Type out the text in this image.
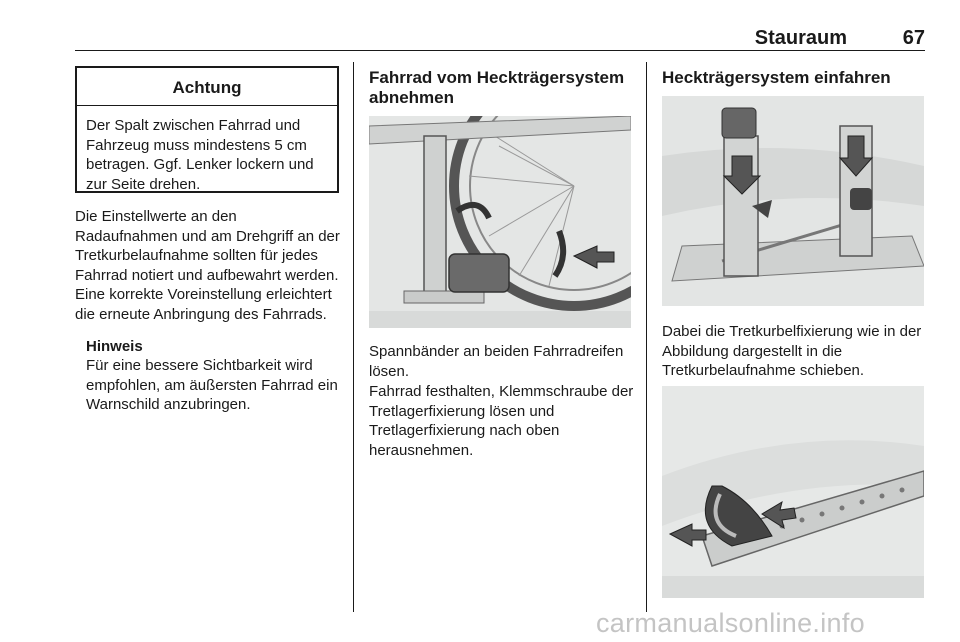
Stauraum	67
Achtung
Der Spalt zwischen Fahrrad und Fahrzeug muss mindestens 5 cm betragen. Ggf. Lenker lockern und zur Seite drehen.
Die Einstellwerte an den Radaufnahmen und am Drehgriff an der Tretkurbelaufnahme sollten für jedes Fahrrad notiert und aufbewahrt werden. Eine korrekte Voreinstellung erleichtert die erneute Anbringung des Fahrrads.
Hinweis
Für eine bessere Sichtbarkeit wird empfohlen, am äußersten Fahrrad ein Warnschild anzubringen.
Fahrrad vom Heckträgersystem abnehmen
Spannbänder an beiden Fahrradreifen lösen.
Fahrrad festhalten, Klemmschraube der Tretlagerfixierung lösen und Tretlagerfixierung nach oben herausnehmen.
Heckträgersystem einfahren
Dabei die Tretkurbelfixierung wie in der Abbildung dargestellt in die Tretkurbelaufnahme schieben.
carmanualsonline.info
